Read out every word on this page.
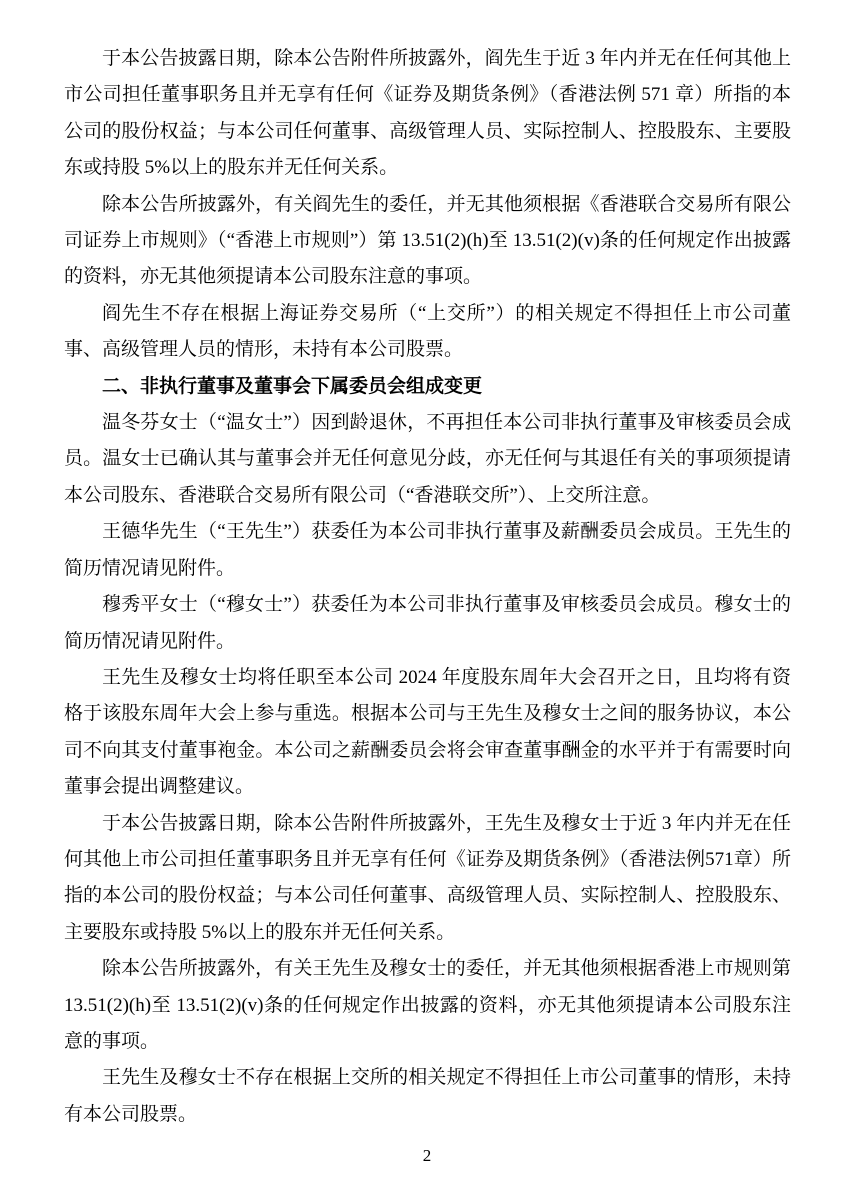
于本公告披露日期，除本公告附件所披露外，阎先生于近 3 年内并无在任何其他上市公司担任董事职务且并无享有任何《证券及期货条例》（香港法例 571 章）所指的本公司的股份权益；与本公司任何董事、高级管理人员、实际控制人、控股股东、主要股东或持股 5%以上的股东并无任何关系。

除本公告所披露外，有关阎先生的委任，并无其他须根据《香港联合交易所有限公司证券上市规则》（“香港上市规则”）第 13.51(2)(h)至 13.51(2)(v)条的任何规定作出披露的资料，亦无其他须提请本公司股东注意的事项。

阎先生不存在根据上海证券交易所（“上交所”）的相关规定不得担任上市公司董事、高级管理人员的情形，未持有本公司股票。

二、非执行董事及董事会下属委员会组成变更

温冬芬女士（“温女士”）因到龄退休，不再担任本公司非执行董事及审核委员会成员。温女士已确认其与董事会并无任何意见分歧，亦无任何与其退任有关的事项须提请本公司股东、香港联合交易所有限公司（“香港联交所”）、上交所注意。

王德华先生（“王先生”）获委任为本公司非执行董事及薪酬委员会成员。王先生的简历情况请见附件。

穆秀平女士（“穆女士”）获委任为本公司非执行董事及审核委员会成员。穆女士的简历情况请见附件。

王先生及穆女士均将任职至本公司 2024 年度股东周年大会召开之日，且均将有资格于该股东周年大会上参与重选。根据本公司与王先生及穆女士之间的服务协议，本公司不向其支付董事袍金。本公司之薪酬委员会将会审查董事酬金的水平并于有需要时向董事会提出调整建议。

于本公告披露日期，除本公告附件所披露外，王先生及穆女士于近 3 年内并无在任何其他上市公司担任董事职务且并无享有任何《证券及期货条例》（香港法例571章）所指的本公司的股份权益；与本公司任何董事、高级管理人员、实际控制人、控股股东、主要股东或持股 5%以上的股东并无任何关系。

除本公告所披露外，有关王先生及穆女士的委任，并无其他须根据香港上市规则第 13.51(2)(h)至 13.51(2)(v)条的任何规定作出披露的资料，亦无其他须提请本公司股东注意的事项。

王先生及穆女士不存在根据上交所的相关规定不得担任上市公司董事的情形，未持有本公司股票。

2
